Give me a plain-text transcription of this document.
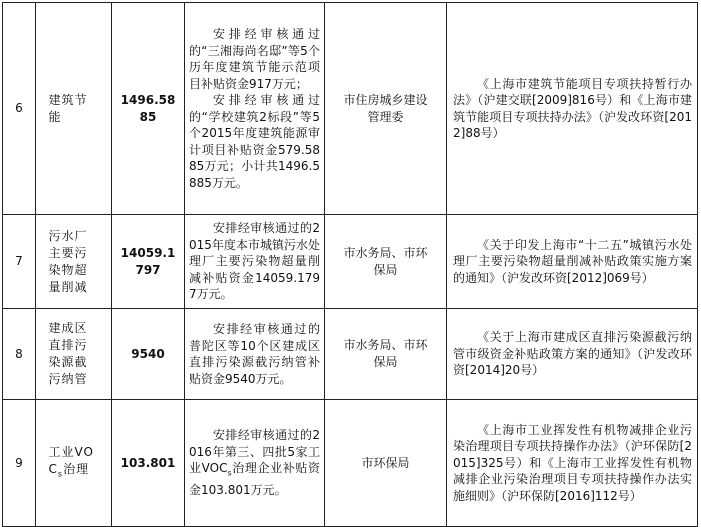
6	建筑节能	1496.5885	安排经审核通过的“三湘海尚名邸”等5个历年度建筑节能示范项目补贴资金917万元；

安排经审核通过的“学校建筑2标段”等5个2015年度建筑能源审计项目补贴资金579.5885万元；小计共1496.5885万元。	市住房城乡建设管理委	《上海市建筑节能项目专项扶持暂行办法》（沪建交联[2009]816号）和《上海市建筑节能项目专项扶持办法》（沪发改环资[2012]88号）

7	污水厂主要污染物超量削减	14059.1797	安排经审核通过的2015年度本市城镇污水处理厂主要污染物超量削减补贴资金14059.1797万元。	市水务局、市环保局	《关于印发上海市“十二五”城镇污水处理厂主要污染物超量削减补贴政策实施方案的通知》（沪发改环资[2012]069号）

8	建成区直排污染源截污纳管	9540	安排经审核通过的普陀区等10个区建成区直排污染源截污纳管补贴资金9540万元。	市水务局、市环保局	《关于上海市建成区直排污染源截污纳管市级资金补贴政策方案的通知》（沪发改环资[2014]20号）

9	工业$VOC_s$治理	103.801	安排经审核通过的2016年第三、四批5家工业$VOC_s$治理企业补贴资金103.801万元。	市环保局	《上海市工业挥发性有机物减排企业污染治理项目专项扶持操作办法》（沪环保防[2015]325号）和《上海市工业挥发性有机物减排企业污染治理项目专项扶持操作办法实施细则》（沪环保防[2016]112号）
